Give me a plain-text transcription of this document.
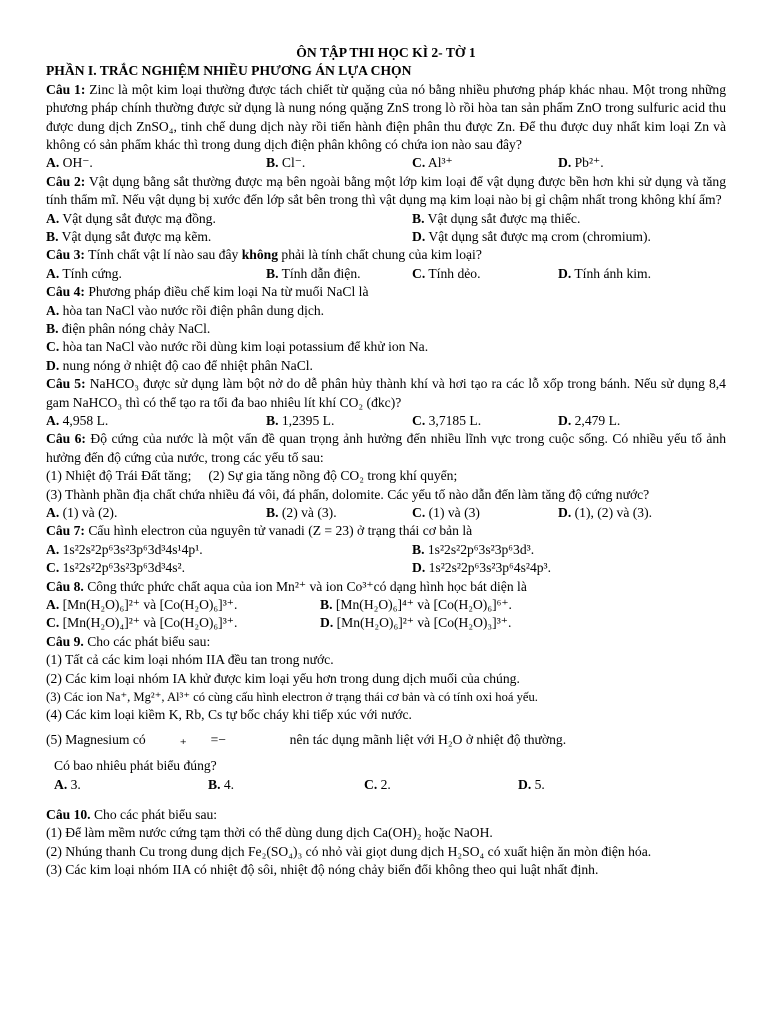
ÔN TẬP THI HỌC KÌ 2- TỜ 1
PHẦN I. TRẮC NGHIỆM NHIỀU PHƯƠNG ÁN LỰA CHỌN

Câu 1: Zinc là một kim loại thường được tách chiết từ quặng của nó bằng nhiều phương pháp khác nhau. Một trong những phương pháp chính thường được sử dụng là nung nóng quặng ZnS trong lò rồi hòa tan sản phẩm ZnO trong sulfuric acid thu được dung dịch ZnSO₄, tinh chế dung dịch này rồi tiến hành điện phân thu được Zn. Để thu được duy nhất kim loại Zn và không có sản phẩm khác thì trong dung dịch điện phân không có chứa ion nào sau đây?

A. OH⁻.	B. Cl⁻.	C. Al³⁺	D. Pb²⁺.

Câu 2: Vật dụng bằng sắt thường được mạ bên ngoài bằng một lớp kim loại để vật dụng được bền hơn khi sử dụng và tăng tính thẩm mĩ. Nếu vật dụng bị xước đến lớp sắt bên trong thì vật dụng mạ kim loại nào bị gỉ chậm nhất trong không khí ẩm?

A. Vật dụng sắt được mạ đồng.	B. Vật dụng sắt được mạ thiếc.
B. Vật dụng sắt được mạ kẽm.	D. Vật dụng sắt được mạ crom (chromium).

Câu 3: Tính chất vật lí nào sau đây không phải là tính chất chung của kim loại?

A. Tính cứng.	B. Tính dẫn điện.	C. Tính dẻo.	D. Tính ánh kim.

Câu 4: Phương pháp điều chế kim loại Na từ muối NaCl là

A. hòa tan NaCl vào nước rồi điện phân dung dịch.

B. điện phân nóng chảy NaCl.

C. hòa tan NaCl vào nước rồi dùng kim loại potassium để khử ion Na.

D. nung nóng ở nhiệt độ cao để nhiệt phân NaCl.

Câu 5: NaHCO₃ được sử dụng làm bột nở do dễ phân hủy thành khí và hơi tạo ra các lỗ xốp trong bánh. Nếu sử dụng 8,4 gam NaHCO₃ thì có thể tạo ra tối đa bao nhiêu lít khí CO₂ (đkc)?

A. 4,958 L.	B. 1,2395 L.	C. 3,7185 L.	D. 2,479 L.

Câu 6: Độ cứng của nước là một vấn đề quan trọng ảnh hưởng đến nhiều lĩnh vực trong cuộc sống. Có nhiều yếu tố ảnh hưởng đến độ cứng của nước, trong các yếu tố sau:

(1) Nhiệt độ Trái Đất tăng; (2) Sự gia tăng nồng độ CO₂ trong khí quyển;

(3) Thành phần địa chất chứa nhiều đá vôi, đá phấn, dolomite. Các yếu tố nào dẫn đến làm tăng độ cứng nước?

A. (1) và (2).	B. (2) và (3).	C. (1) và (3)	D. (1), (2) và (3).

Câu 7: Cấu hình electron của nguyên tử vanadi (Z = 23) ở trạng thái cơ bản là

A. 1s²2s²2p⁶3s²3p⁶3d³4s¹4p¹.	B. 1s²2s²2p⁶3s²3p⁶3d³.
C. 1s²2s²2p⁶3s²3p⁶3d³4s².	D. 1s²2s²2p⁶3s²3p⁶4s²4p³.

Câu 8. Công thức phức chất aqua của ion Mn²⁺ và ion Co³⁺có dạng hình học bát diện là

A. [Mn(H₂O)₆]²⁺ và [Co(H₂O)₆]³⁺.	B. [Mn(H₂O)₆]⁴⁺ và [Co(H₂O)₆]⁶⁺.
C. [Mn(H₂O)₄]²⁺ và [Co(H₂O)₆]³⁺.	D. [Mn(H₂O)₆]²⁺ và [Co(H₂O)₃]³⁺.

Câu 9. Cho các phát biểu sau:

(1) Tất cả các kim loại nhóm IIA đều tan trong nước.

(2) Các kim loại nhóm IA khử được kim loại yếu hơn trong dung dịch muối của chúng.

(3) Các ion Na⁺, Mg²⁺, Al³⁺ có cùng cấu hình electron ở trạng thái cơ bản và có tính oxi hoá yếu.

(4) Các kim loại kiềm K, Rb, Cs tự bốc cháy khi tiếp xúc với nước.

(5) Magnesium có ₊ =−	nên tác dụng mãnh liệt với H₂O ở nhiệt độ thường.

Có bao nhiêu phát biểu đúng?

A. 3.	B. 4.	C. 2.	D. 5.

Câu 10. Cho các phát biểu sau:

(1) Để làm mềm nước cứng tạm thời có thể dùng dung dịch Ca(OH)₂ hoặc NaOH.

(2) Nhúng thanh Cu trong dung dịch Fe₂(SO₄)₃ có nhỏ vài giọt dung dịch H₂SO₄ có xuất hiện ăn mòn điện hóa.

(3) Các kim loại nhóm IIA có nhiệt độ sôi, nhiệt độ nóng chảy biến đổi không theo qui luật nhất định.
